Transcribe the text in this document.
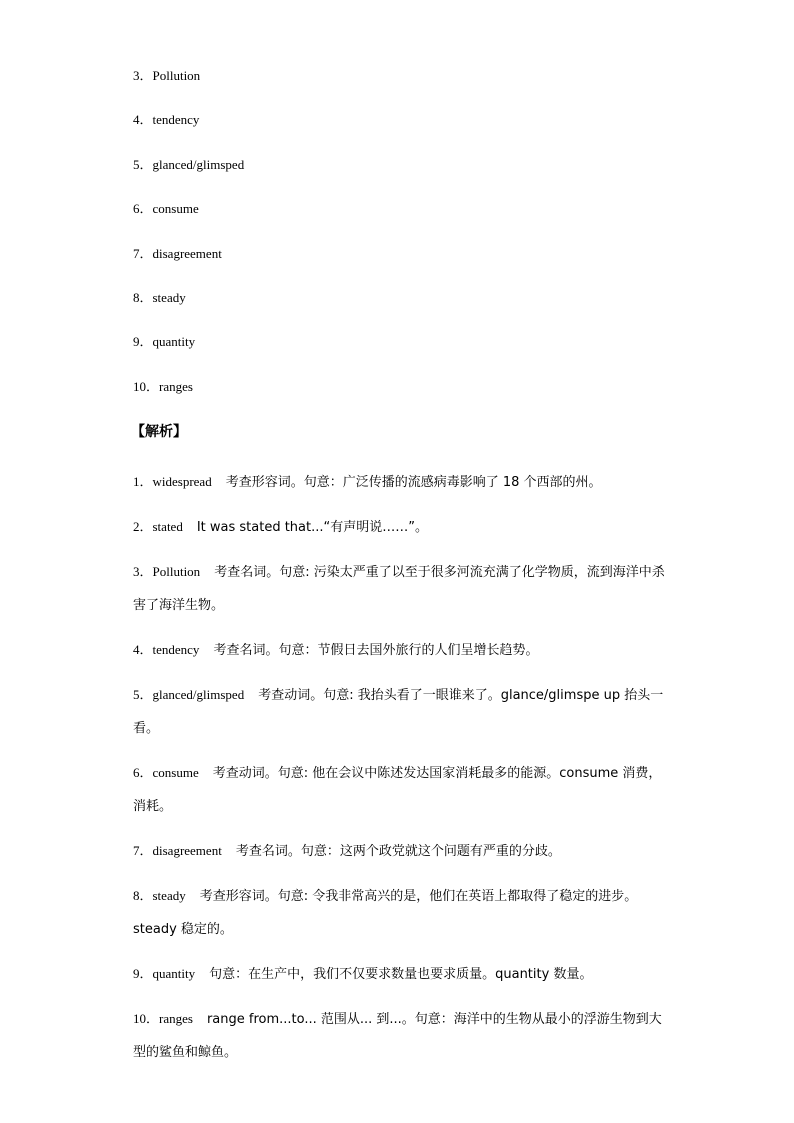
3．Pollution
4．tendency
5．glanced/glimsped
6．consume
7．disagreement
8．steady
9．quantity
10．ranges
【解析】
1．widespread 考查形容词。句意：广泛传播的流感病毒影响了 18 个西部的州。
2．stated It was stated that...“有声明说……”。
3．Pollution 考查名词。句意: 污染太严重了以至于很多河流充满了化学物质，流到海洋中杀害了海洋生物。
4．tendency 考查名词。句意：节假日去国外旅行的人们呈增长趋势。
5．glanced/glimsped 考查动词。句意: 我抬头看了一眼谁来了。glance/glimspe up 抬头一看。
6．consume 考查动词。句意: 他在会议中陈述发达国家消耗最多的能源。consume 消费，消耗。
7．disagreement 考查名词。句意：这两个政党就这个问题有严重的分歧。
8．steady 考查形容词。句意: 令我非常高兴的是，他们在英语上都取得了稳定的进步。steady 稳定的。
9．quantity 句意：在生产中，我们不仅要求数量也要求质量。quantity 数量。
10．ranges range from...to... 范围从... 到...。句意：海洋中的生物从最小的浮游生物到大型的鲨鱼和鲸鱼。
